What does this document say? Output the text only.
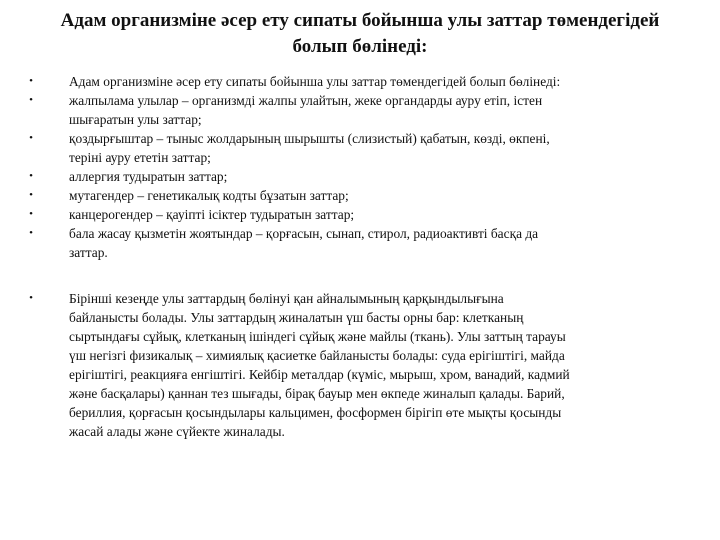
Адам организміне әсер ету сипаты бойынша улы заттар төмендегідей
болып бөлінеді:
•	Адам организміне әсер ету сипаты бойынша улы заттар төмендегідей болып бөлінеді:
•	жалпылама улылар – организмді жалпы улайтын, жеке органдарды ауру етіп, істен
шығаратын улы заттар;
•	қоздырғыштар – тыныс жолдарының шырышты (слизистый) қабатын, көзді, өкпені,
теріні ауру ететін заттар;
•	аллергия тудыратын заттар;
•	мутагендер – генетикалық кодты бұзатын заттар;
•	канцерогендер – қауіпті ісіктер тудыратын заттар;
•	бала жасау қызметін жоятындар – қорғасын, сынап, стирол, радиоактивті басқа да
заттар.
•	Бірінші кезеңде улы заттардың бөлінуі қан айналымының қарқындылығына
байланысты болады. Улы заттардың жиналатын үш басты орны бар: клетканың
сыртындағы сұйық, клетканың ішіндегі сұйық және майлы (ткань). Улы заттың тарауы
үш негізгі физикалық – химиялық қасиетке байланысты болады: суда ерігіштігі, майда
ерігіштігі, реакцияға енгіштігі. Кейбір металдар (күміс, мырыш, хром, ванадий, кадмий
және басқалары) қаннан тез шығады, бірақ бауыр мен өкпеде жиналып қалады. Барий,
бериллия, қорғасын қосындылары кальцимен, фосформен бірігіп өте мықты қосынды
жасай алады және сүйекте жиналады.
